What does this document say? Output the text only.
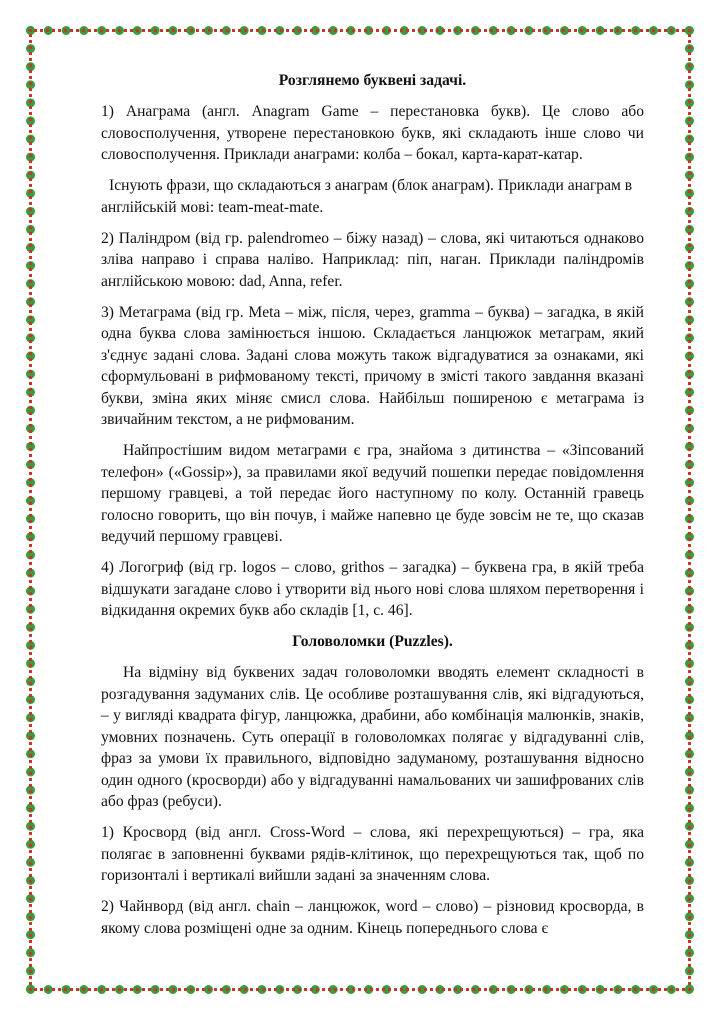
Розглянемо буквені задачі.

1) Анаграма (англ. Anagram Game – перестановка букв). Це слово або словосполучення, утворене перестановкою букв, які складають інше слово чи словосполучення. Приклади анаграми: колба – бокал, карта-карат-катар.

Існують фрази, що складаються з анаграм (блок анаграм). Приклади анаграм в англійській мові: team-meat-mate.

2) Паліндром (від гр. palendromeo – біжу назад) – слова, які читаються однаково зліва направо і справа наліво. Наприклад: піп, наган. Приклади паліндромів англійською мовою: dad, Anna, refer.

3) Метаграма (від гр. Meta – між, після, через, gramma – буква) – загадка, в якій одна буква слова замінюється іншою. Складається ланцюжок метаграм, який з'єднує задані слова. Задані слова можуть також відгадуватися за ознаками, які сформульовані в рифмованому тексті, причому в змісті такого завдання вказані букви, зміна яких міняє смисл слова. Найбільш поширеною є метаграма із звичайним текстом, а не рифмованим.

Найпростішим видом метаграми є гра, знайома з дитинства – «Зіпсований телефон» («Gossip»), за правилами якої ведучий пошепки передає повідомлення першому гравцеві, а той передає його наступному по колу. Останній гравець голосно говорить, що він почув, і майже напевно це буде зовсім не те, що сказав ведучий першому гравцеві.

4) Логогриф (від гр. logos – слово, grithos – загадка) – буквена гра, в якій треба відшукати загадане слово і утворити від нього нові слова шляхом перетворення і відкидання окремих букв або складів [1, с. 46].

Головоломки (Puzzles).

На відміну від буквених задач головоломки вводять елемент складності в розгадування задуманих слів. Це особливе розташування слів, які відгадуються, – у вигляді квадрата фігур, ланцюжка, драбини, або комбінація малюнків, знаків, умовних позначень. Суть операції в головоломках полягає у відгадуванні слів, фраз за умови їх правильного, відповідно задуманому, розташування відносно один одного (кросворди) або у відгадуванні намальованих чи зашифрованих слів або фраз (ребуси).

1) Кросворд (від англ. Cross-Word – слова, які перехрещуються) – гра, яка полягає в заповненні буквами рядів-клітинок, що перехрещуються так, щоб по горизонталі і вертикалі вийшли задані за значенням слова.

2) Чайнворд (від англ. chain – ланцюжок, word – слово) – різновид кросворда, в якому слова розміщені одне за одним. Кінець попереднього слова є
